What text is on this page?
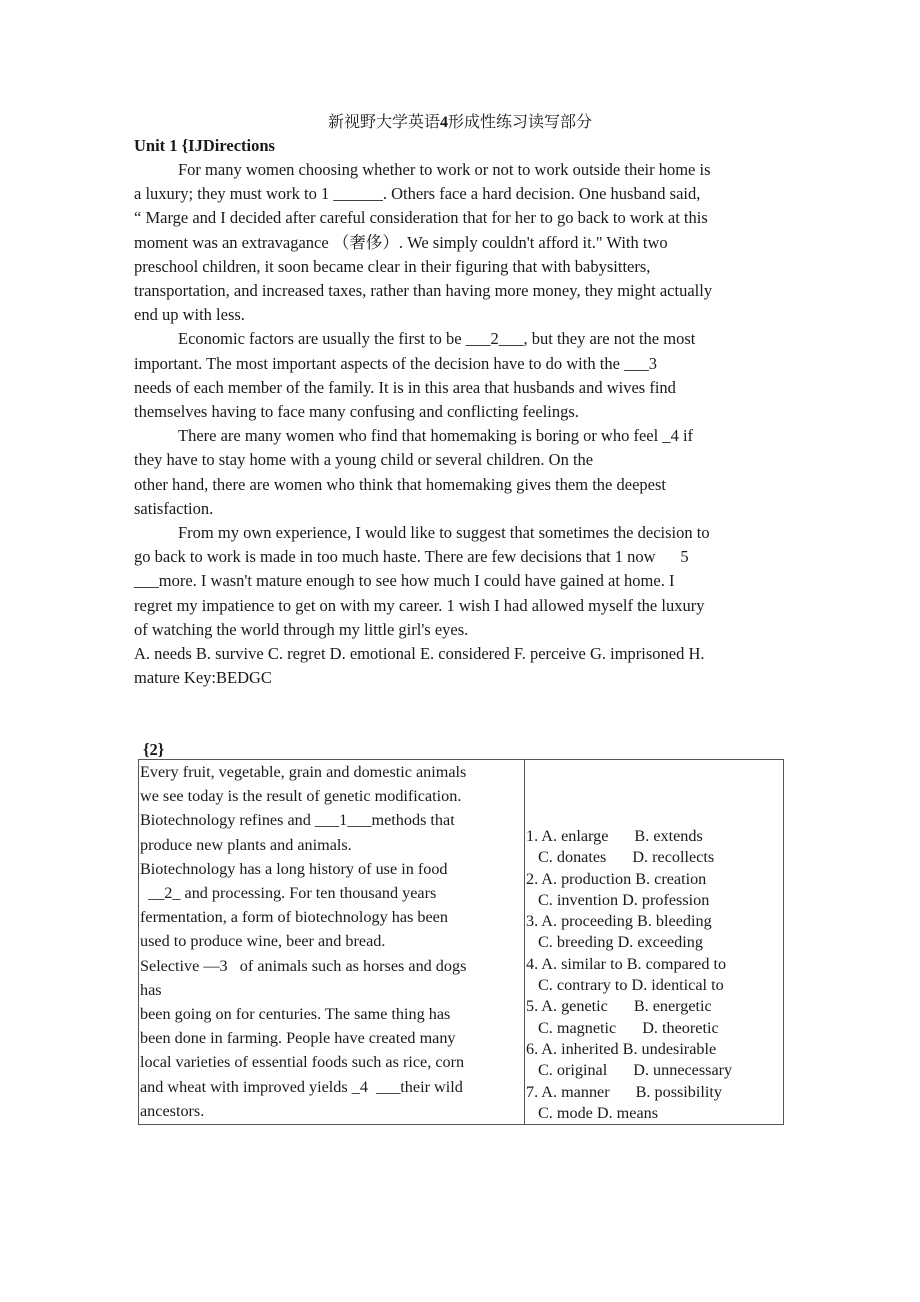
新视野大学英语4形成性练习读写部分
Unit 1 {IJDirections

For many women choosing whether to work or not to work outside their home is

a luxury; they must work to 1 ______. Others face a hard decision. One husband said,

“ Marge and I decided after careful consideration that for her to go back to work at this

moment was an extravagance （奢侈）. We simply couldn't afford it." With two

preschool children, it soon became clear in their figuring that with babysitters,

transportation, and increased taxes, rather than having more money, they might actually

end up with less.

Economic factors are usually the first to be ___2___, but they are not the most

important. The most important aspects of the decision have to do with the ___3

needs of each member of the family. It is in this area that husbands and wives find

themselves having to face many confusing and conflicting feelings.

There are many women who find that homemaking is boring or who feel _4 if

they have to stay home with a young child or several children. On the

other hand, there are women who think that homemaking gives them the deepest

satisfaction.

From my own experience, I would like to suggest that sometimes the decision to

go back to work is made in too much haste. There are few decisions that 1 now      5

___more. I wasn't mature enough to see how much I could have gained at home. I

regret my impatience to get on with my career. 1 wish I had allowed myself the luxury

of watching the world through my little girl's eyes.

A. needs B. survive C. regret D. emotional E. considered F. perceive G. imprisoned H.

mature Key:BEDGC

{2}
Every fruit, vegetable, grain and domestic animals
we see today is the result of genetic modification.
Biotechnology refines and ___1___methods that
produce new plants and animals.
Biotechnology has a long history of use in food
__2_ and processing. For ten thousand years
fermentation, a form of biotechnology has been
used to produce wine, beer and bread.
Selective —3   of animals such as horses and dogs
has
been going on for centuries. The same thing has
been done in farming. People have created many
local varieties of essential foods such as rice, corn
and wheat with improved yields _4  ___their wild
ancestors.

1. A. enlarge B. extends
C. donates D. recollects
2. A. production B. creation
C. invention D. profession
3. A. proceeding B. bleeding
C. breeding D. exceeding
4. A. similar to B. compared to
C. contrary to D. identical to
5. A. genetic B. energetic
C. magnetic D. theoretic
6. A. inherited B. undesirable
C. original D. unnecessary
7. A. manner B. possibility
C. mode D. means
